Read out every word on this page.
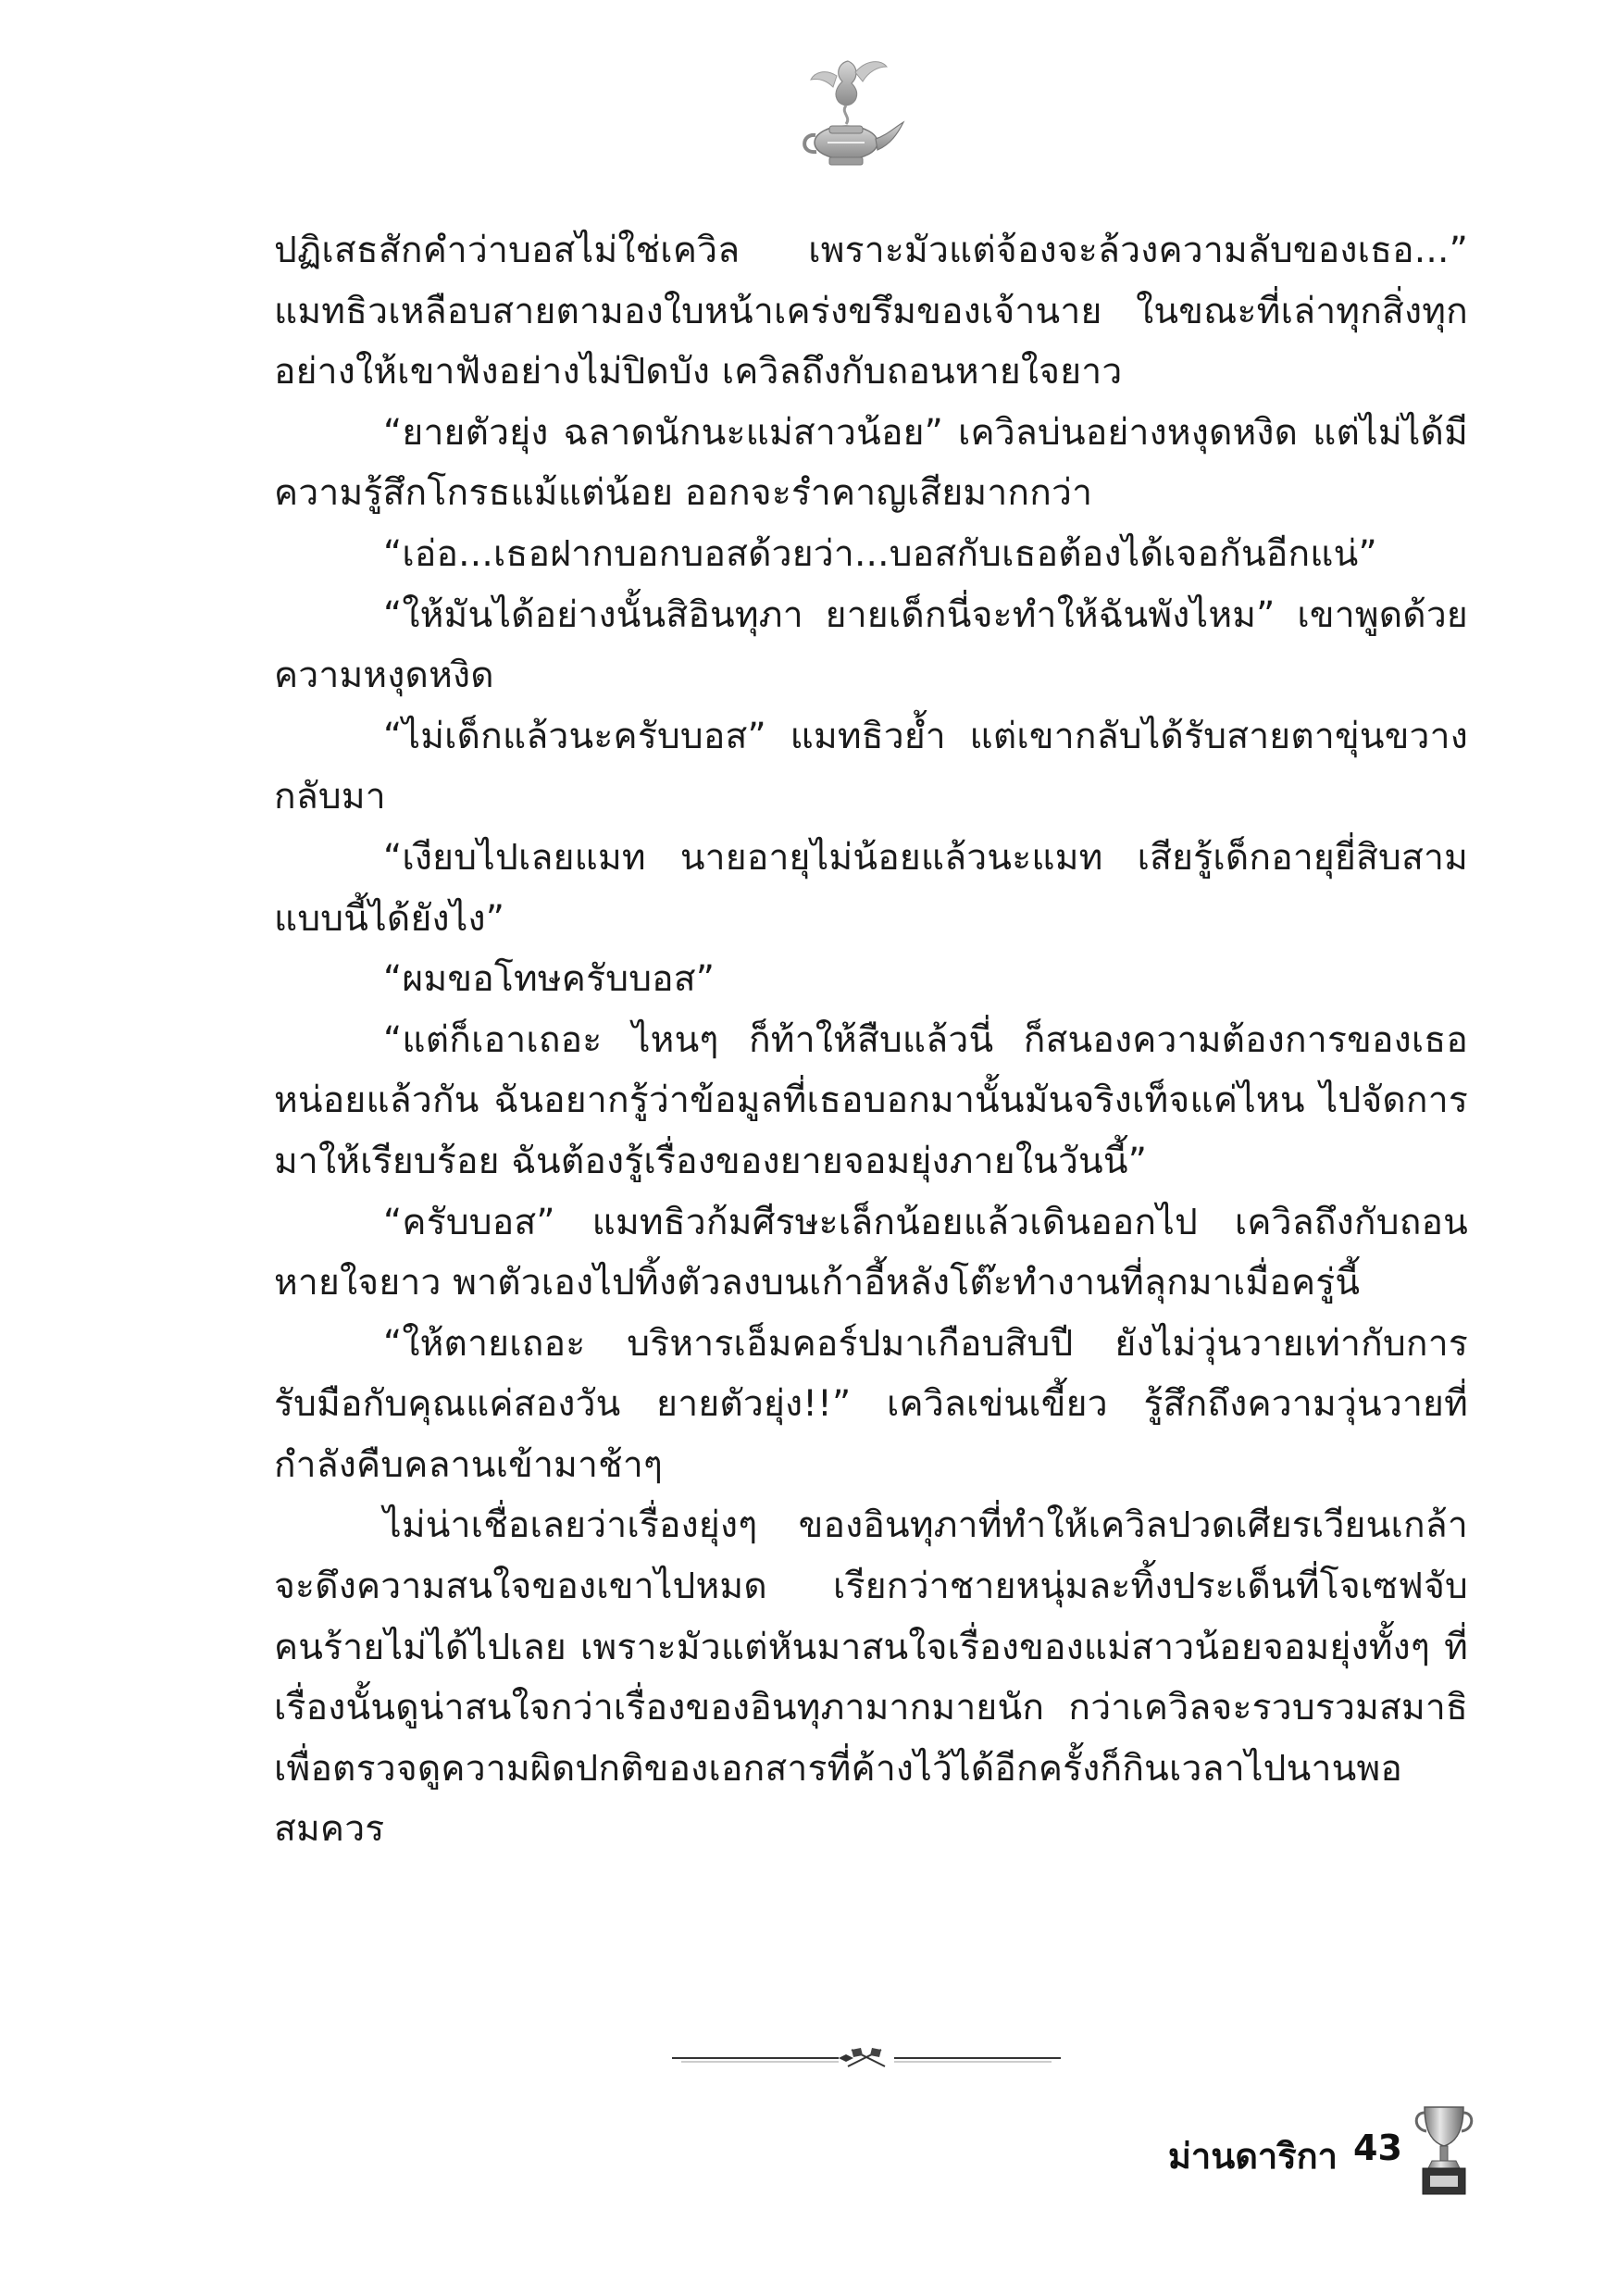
ปฏิเสธสักคำว่าบอสไม่ใช่เควิล เพราะมัวแต่จ้องจะล้วงความลับของเธอ...” แมทธิวเหลือบสายตามองใบหน้าเคร่งขรึมของเจ้านาย ในขณะที่เล่าทุกสิ่งทุกอย่างให้เขาฟังอย่างไม่ปิดบัง เควิลถึงกับถอนหายใจยาว

“ยายตัวยุ่ง ฉลาดนักนะแม่สาวน้อย” เควิลบ่นอย่างหงุดหงิด แต่ไม่ได้มีความรู้สึกโกรธแม้แต่น้อย ออกจะรำคาญเสียมากกว่า

“เอ่อ...เธอฝากบอกบอสด้วยว่า...บอสกับเธอต้องได้เจอกันอีกแน่”

“ให้มันได้อย่างนั้นสิอินทุภา ยายเด็กนี่จะทำให้ฉันพังไหม” เขาพูดด้วยความหงุดหงิด

“ไม่เด็กแล้วนะครับบอส” แมทธิวย้ำ แต่เขากลับได้รับสายตาขุ่นขวางกลับมา

“เงียบไปเลยแมท นายอายุไม่น้อยแล้วนะแมท เสียรู้เด็กอายุยี่สิบสามแบบนี้ได้ยังไง”

“ผมขอโทษครับบอส”

“แต่ก็เอาเถอะ ไหนๆ ก็ท้าให้สืบแล้วนี่ ก็สนองความต้องการของเธอหน่อยแล้วกัน ฉันอยากรู้ว่าข้อมูลที่เธอบอกมานั้นมันจริงเท็จแค่ไหน ไปจัดการมาให้เรียบร้อย ฉันต้องรู้เรื่องของยายจอมยุ่งภายในวันนี้”

“ครับบอส” แมทธิวก้มศีรษะเล็กน้อยแล้วเดินออกไป เควิลถึงกับถอนหายใจยาว พาตัวเองไปทิ้งตัวลงบนเก้าอี้หลังโต๊ะทำงานที่ลุกมาเมื่อครู่นี้

“ให้ตายเถอะ บริหารเอ็มคอร์ปมาเกือบสิบปี ยังไม่วุ่นวายเท่ากับการรับมือกับคุณแค่สองวัน ยายตัวยุ่ง!!” เควิลเข่นเขี้ยว รู้สึกถึงความวุ่นวายที่กำลังคืบคลานเข้ามาช้าๆ

ไม่น่าเชื่อเลยว่าเรื่องยุ่งๆ ของอินทุภาที่ทำให้เควิลปวดเศียรเวียนเกล้าจะดึงความสนใจของเขาไปหมด เรียกว่าชายหนุ่มละทิ้งประเด็นที่โจเซฟจับคนร้ายไม่ได้ไปเลย เพราะมัวแต่หันมาสนใจเรื่องของแม่สาวน้อยจอมยุ่งทั้งๆ ที่เรื่องนั้นดูน่าสนใจกว่าเรื่องของอินทุภามากมายนัก กว่าเควิลจะรวบรวมสมาธิเพื่อตรวจดูความผิดปกติของเอกสารที่ค้างไว้ได้อีกครั้งก็กินเวลาไปนานพอสมควร

ม่านดาริกา 43
